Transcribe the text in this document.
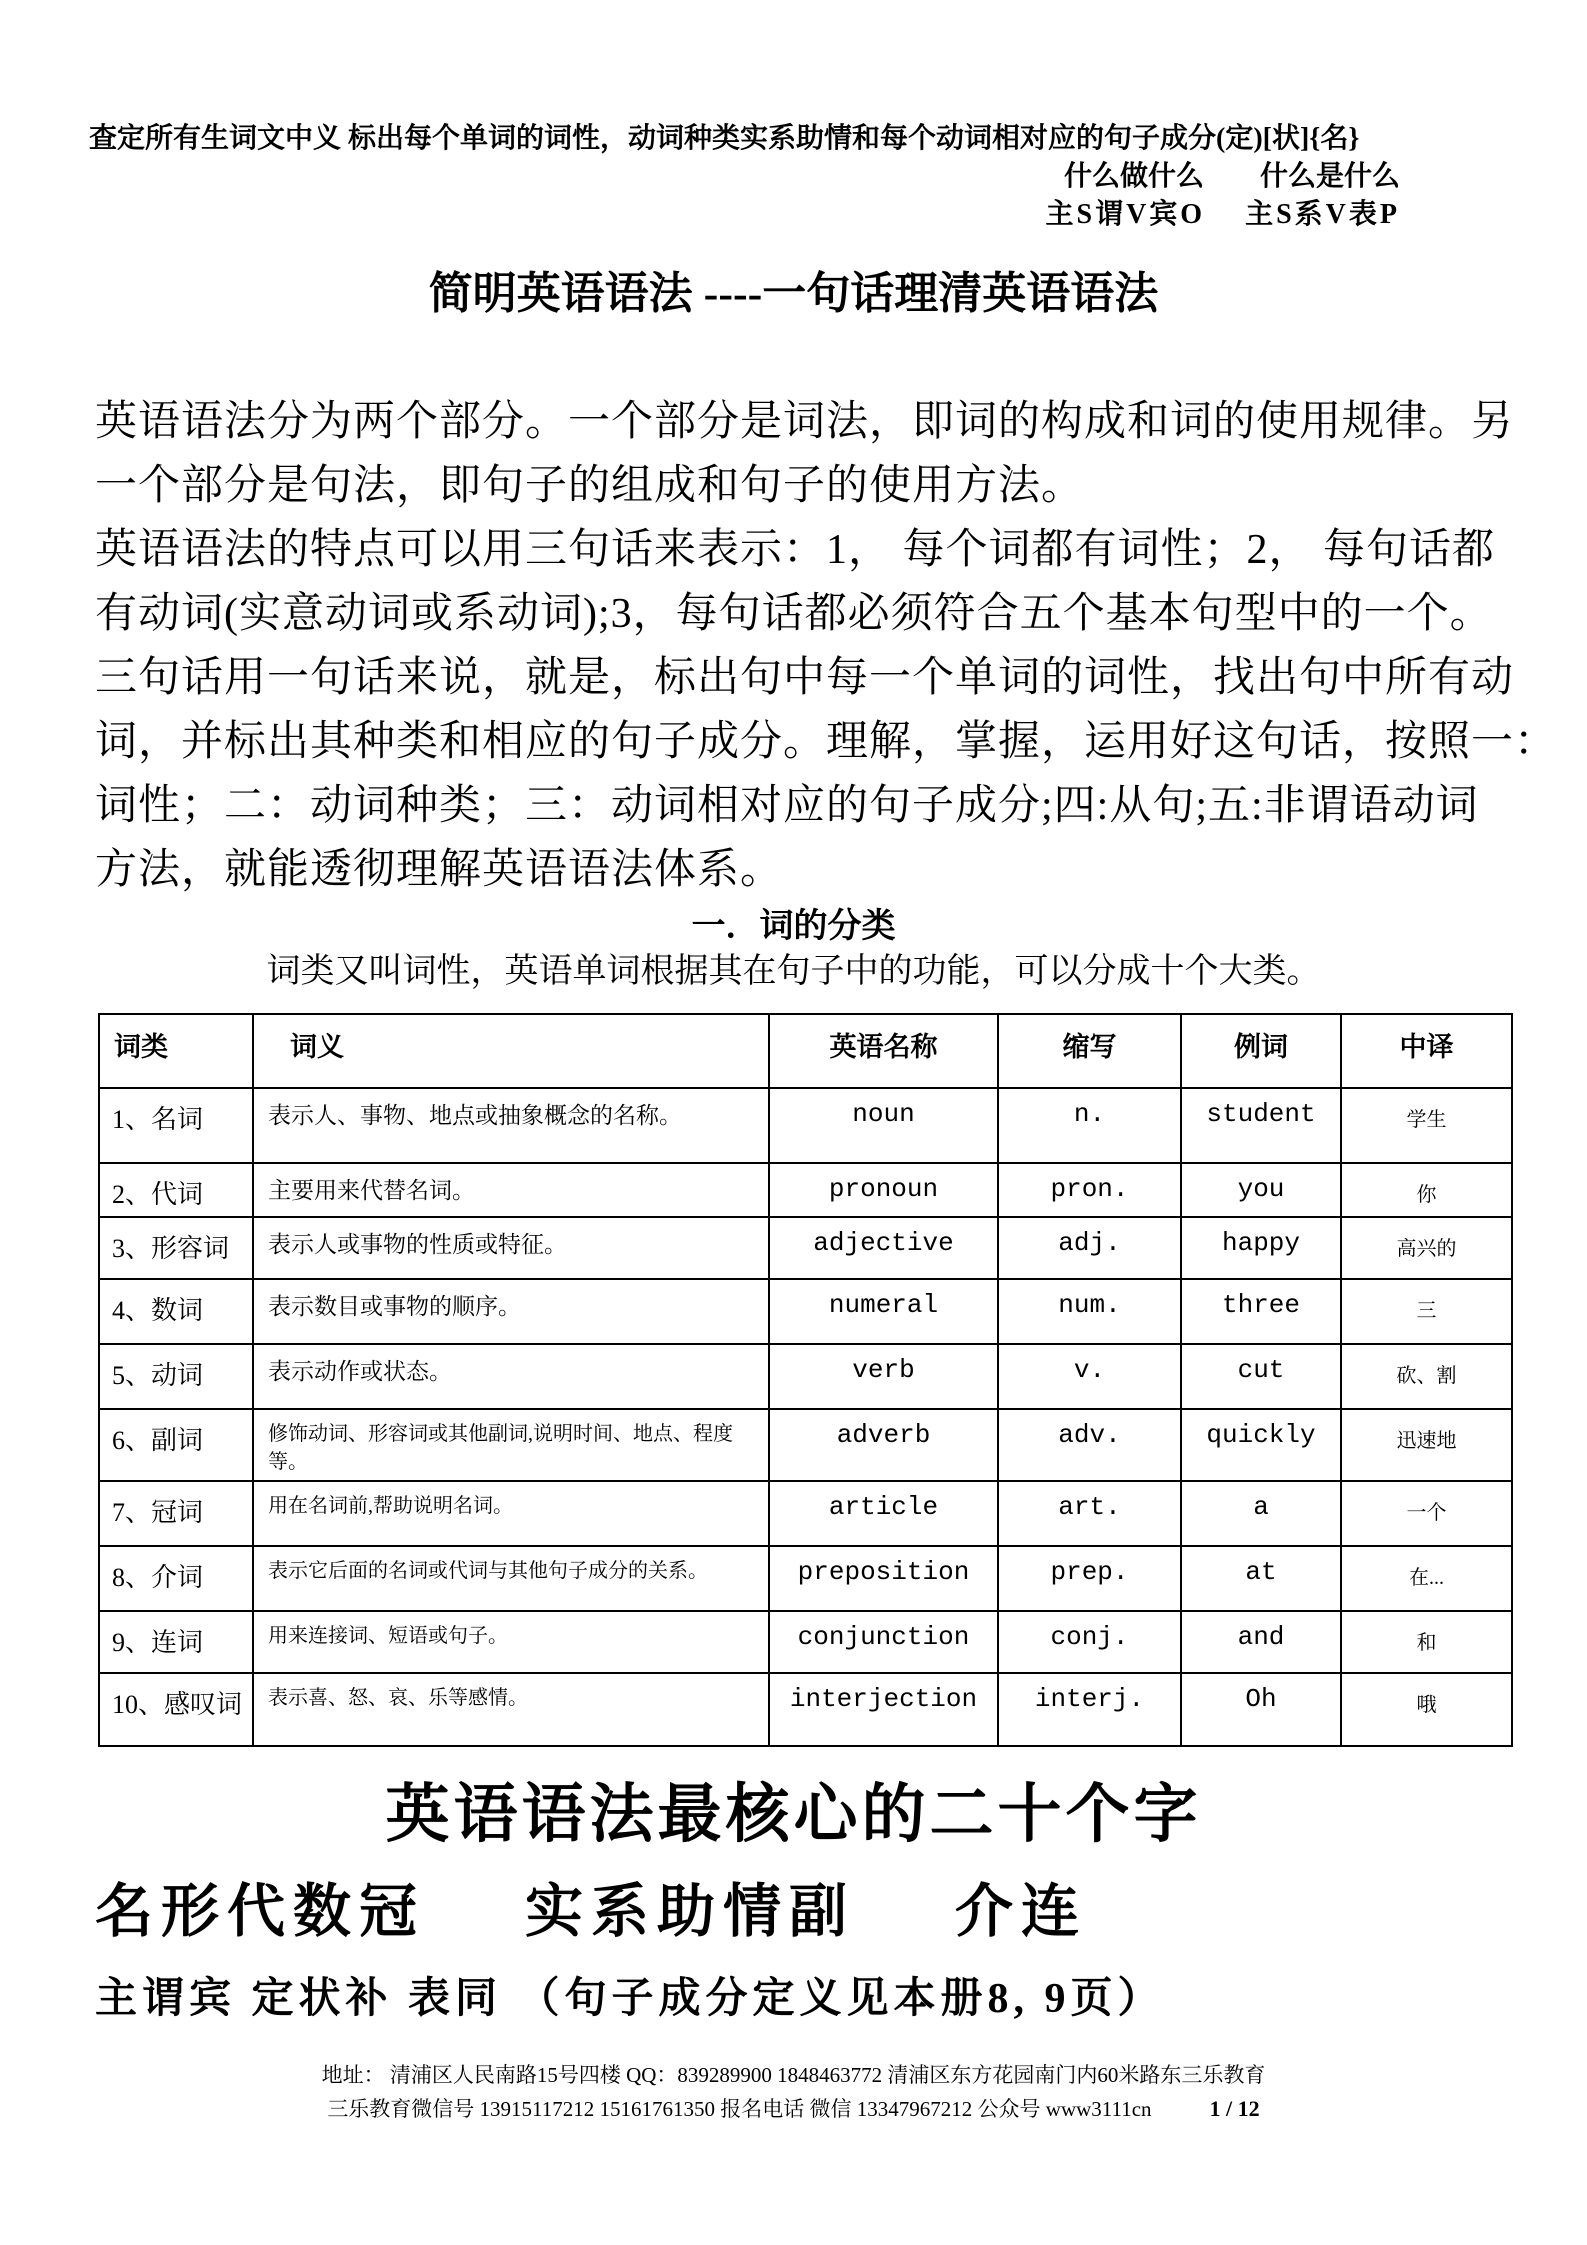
查定所有生词文中义 标出每个单词的词性，动词种类实系助情和每个动词相对应的句子成分(定)[状]{名}
什么做什么 什么是什么
主S谓V宾O 主S系V表P
简明英语语法 ----一句话理清英语语法
英语语法分为两个部分。一个部分是词法，即词的构成和词的使用规律。另
一个部分是句法，即句子的组成和句子的使用方法。
英语语法的特点可以用三句话来表示：1， 每个词都有词性；2， 每句话都
有动词(实意动词或系动词);3，每句话都必须符合五个基本句型中的一个。
三句话用一句话来说，就是，标出句中每一个单词的词性，找出句中所有动
词，并标出其种类和相应的句子成分。理解，掌握，运用好这句话，按照一：
词性；二：动词种类；三：动词相对应的句子成分;四:从句;五:非谓语动词
方法，就能透彻理解英语语法体系。
一．词的分类
词类又叫词性，英语单词根据其在句子中的功能，可以分成十个大类。
词类	词义	英语名称	缩写	例词	中译
1、名词	表示人、事物、地点或抽象概念的名称。	noun	n.	student	学生
2、代词	主要用来代替名词。	pronoun	pron.	you	你
3、形容词	表示人或事物的性质或特征。	adjective	adj.	happy	高兴的
4、数词	表示数目或事物的顺序。	numeral	num.	three	三
5、动词	表示动作或状态。	verb	v.	cut	砍、割
6、副词	修饰动词、形容词或其他副词,说明时间、地点、程度等。	adverb	adv.	quickly	迅速地
7、冠词	用在名词前,帮助说明名词。	article	art.	a	一个
8、介词	表示它后面的名词或代词与其他句子成分的关系。	preposition	prep.	at	在...
9、连词	用来连接词、短语或句子。	conjunction	conj.	and	和
10、感叹词	表示喜、怒、哀、乐等感情。	interjection	interj.	Oh	哦
英语语法最核心的二十个字
名形代数冠 实系助情副 介连
主谓宾 定状补 表同 （句子成分定义见本册8, 9页）
地址： 清浦区人民南路15号四楼 QQ：839289900 1848463772 清浦区东方花园南门内60米路东三乐教育
三乐教育微信号 13915117212 15161761350 报名电话 微信 13347967212 公众号 www3111cn	1 / 12
